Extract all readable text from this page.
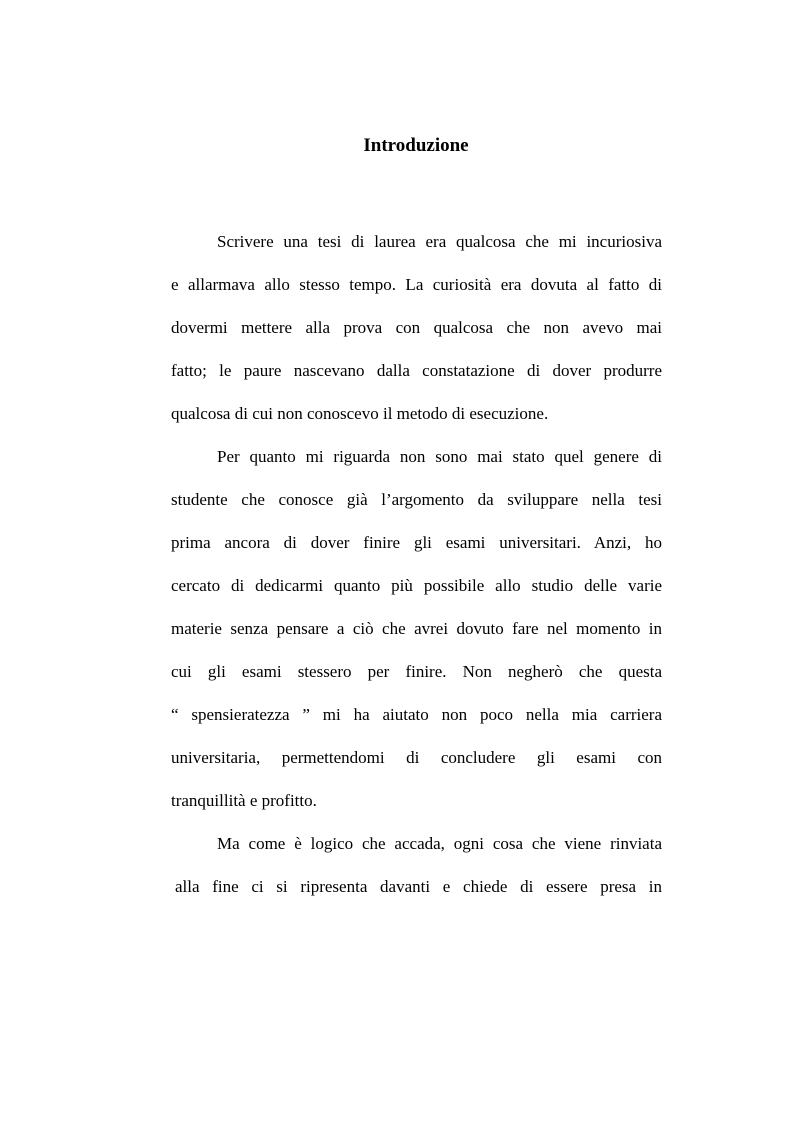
Introduzione

Scrivere una tesi di laurea era qualcosa che mi incuriosiva
e allarmava allo stesso tempo. La curiosità era dovuta al fatto di
dovermi mettere alla prova con qualcosa che non avevo mai
fatto; le paure nascevano dalla constatazione di dover produrre
qualcosa di cui non conoscevo il metodo di esecuzione.

Per quanto mi riguarda non sono mai stato quel genere di
studente che conosce già l’argomento da sviluppare nella tesi
prima ancora di dover finire gli esami universitari. Anzi, ho
cercato di dedicarmi quanto più possibile allo studio delle varie
materie senza pensare a ciò che avrei dovuto fare nel momento in
cui gli esami stessero per finire. Non negherò che questa
“ spensieratezza ” mi ha aiutato non poco nella mia carriera
universitaria, permettendomi di concludere gli esami con
tranquillità e profitto.

Ma come è logico che accada, ogni cosa che viene rinviata
alla fine ci si ripresenta davanti e chiede di essere presa in
